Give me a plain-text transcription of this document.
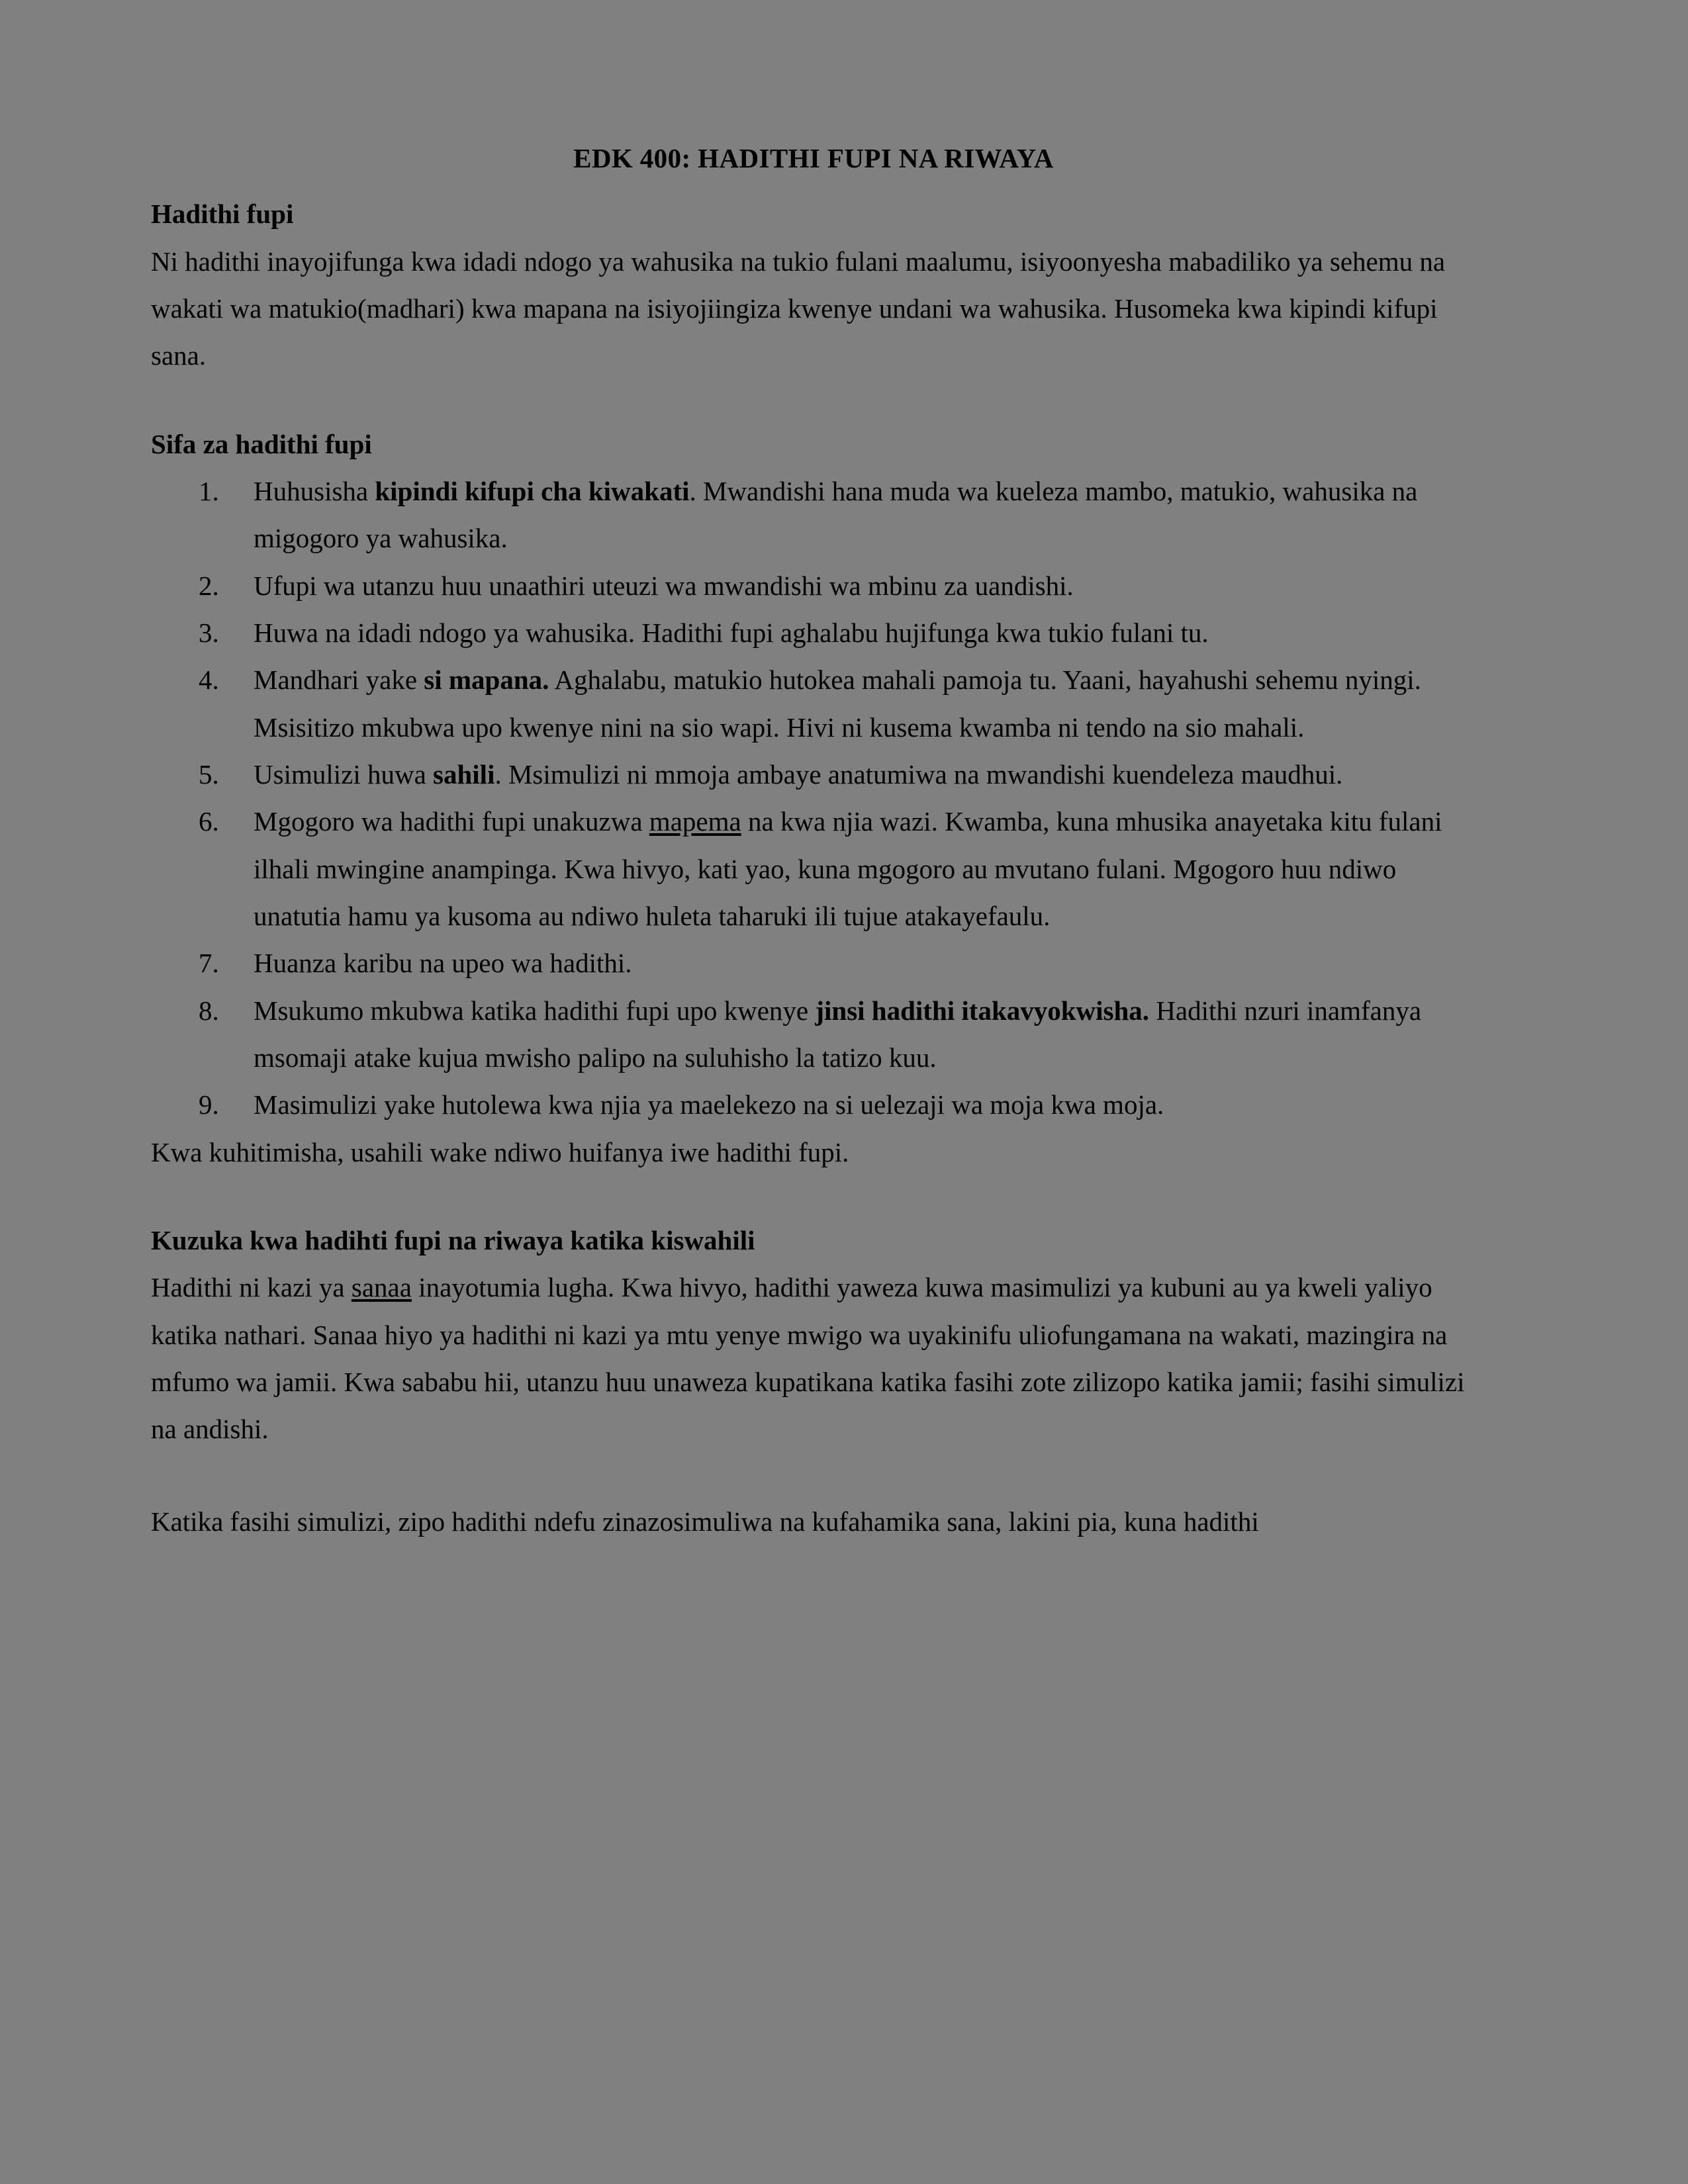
EDK 400: HADITHI FUPI NA RIWAYA
Hadithi fupi

Ni hadithi inayojifunga kwa idadi ndogo ya wahusika na tukio fulani maalumu, isiyoonyesha mabadiliko ya sehemu na wakati wa matukio(madhari) kwa mapana na isiyojiingiza kwenye undani wa wahusika. Husomeka kwa kipindi kifupi sana.

Sifa za hadithi fupi
Huhusisha kipindi kifupi cha kiwakati. Mwandishi hana muda wa kueleza mambo, matukio, wahusika na migogoro ya wahusika.
Ufupi wa utanzu huu unaathiri uteuzi wa mwandishi wa mbinu za uandishi.
Huwa na idadi ndogo ya wahusika. Hadithi fupi aghalabu hujifunga kwa tukio fulani tu.
Mandhari yake si mapana. Aghalabu, matukio hutokea mahali pamoja tu. Yaani, hayahushi sehemu nyingi. Msisitizo mkubwa upo kwenye nini na sio wapi. Hivi ni kusema kwamba ni tendo na sio mahali.
Usimulizi huwa sahili. Msimulizi ni mmoja ambaye anatumiwa na mwandishi kuendeleza maudhui.
Mgogoro wa hadithi fupi unakuzwa mapema na kwa njia wazi. Kwamba, kuna mhusika anayetaka kitu fulani ilhali mwingine anampinga. Kwa hivyo, kati yao, kuna mgogoro au mvutano fulani. Mgogoro huu ndiwo unatutia hamu ya kusoma au ndiwo huleta taharuki ili tujue atakayefaulu.
Huanza karibu na upeo wa hadithi.
Msukumo mkubwa katika hadithi fupi upo kwenye jinsi hadithi itakavyokwisha. Hadithi nzuri inamfanya msomaji atake kujua mwisho palipo na suluhisho la tatizo kuu.
Masimulizi yake hutolewa kwa njia ya maelekezo na si uelezaji wa moja kwa moja.

Kwa kuhitimisha, usahili wake ndiwo huifanya iwe hadithi fupi.

Kuzuka kwa hadihti fupi na riwaya katika kiswahili

Hadithi ni kazi ya sanaa inayotumia lugha. Kwa hivyo, hadithi yaweza kuwa masimulizi ya kubuni au ya kweli yaliyo katika nathari. Sanaa hiyo ya hadithi ni kazi ya mtu yenye mwigo wa uyakinifu uliofungamana na wakati, mazingira na mfumo wa jamii. Kwa sababu hii, utanzu huu unaweza kupatikana katika fasihi zote zilizopo katika jamii; fasihi simulizi na andishi.

Katika fasihi simulizi, zipo hadithi ndefu zinazosimuliwa na kufahamika sana, lakini pia, kuna hadithi
